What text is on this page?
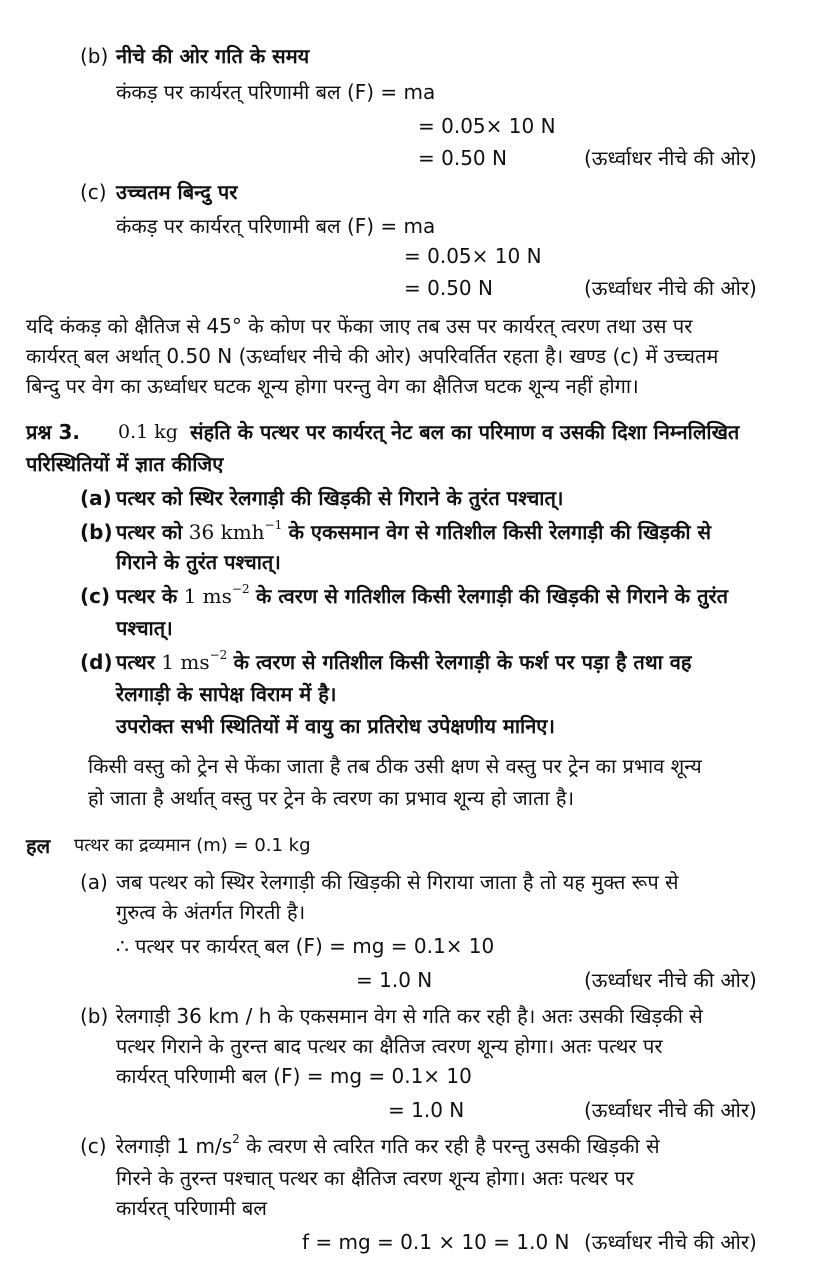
(b) नीचे की ओर गति के समय
कंकड़ पर कार्यरत् परिणामी बल (F) = ma
= 0.05× 10 N
= 0.50 N	(ऊर्ध्वाधर नीचे की ओर)
(c) उच्चतम बिन्दु पर
कंकड़ पर कार्यरत् परिणामी बल (F) = ma
= 0.05× 10 N
= 0.50 N	(ऊर्ध्वाधर नीचे की ओर)
यदि कंकड़ को क्षैतिज से 45° के कोण पर फेंका जाए तब उस पर कार्यरत् त्वरण तथा उस पर
कार्यरत् बल अर्थात् 0.50 N (ऊर्ध्वाधर नीचे की ओर) अपरिवर्तित रहता है। खण्ड (c) में उच्चतम
बिन्दु पर वेग का ऊर्ध्वाधर घटक शून्य होगा परन्तु वेग का क्षैतिज घटक शून्य नहीं होगा।
प्रश्न 3. 0.1 kg संहति के पत्थर पर कार्यरत् नेट बल का परिमाण व उसकी दिशा निम्नलिखित
परिस्थितियों में ज्ञात कीजिए
(a) पत्थर को स्थिर रेलगाड़ी की खिड़की से गिराने के तुरंत पश्चात्।
(b) पत्थर को 36 kmh$^{-1}$ के एकसमान वेग से गतिशील किसी रेलगाड़ी की खिड़की से
गिराने के तुरंत पश्चात्।
(c) पत्थर के 1 $ms^{-2}$ के त्वरण से गतिशील किसी रेलगाड़ी की खिड़की से गिराने के तुरंत
पश्चात्।
(d) पत्थर 1 $ms^{-2}$ के त्वरण से गतिशील किसी रेलगाड़ी के फर्श पर पड़ा है तथा वह
रेलगाड़ी के सापेक्ष विराम में है।
उपरोक्त सभी स्थितियों में वायु का प्रतिरोध उपेक्षणीय मानिए।
किसी वस्तु को ट्रेन से फेंका जाता है तब ठीक उसी क्षण से वस्तु पर ट्रेन का प्रभाव शून्य
हो जाता है अर्थात् वस्तु पर ट्रेन के त्वरण का प्रभाव शून्य हो जाता है।
हल पत्थर का द्रव्यमान (m) = 0.1 kg
(a) जब पत्थर को स्थिर रेलगाड़ी की खिड़की से गिराया जाता है तो यह मुक्त रूप से
गुरुत्व के अंतर्गत गिरती है।
∴ पत्थर पर कार्यरत् बल (F) = mg = 0.1× 10
= 1.0 N	(ऊर्ध्वाधर नीचे की ओर)
(b) रेलगाड़ी 36 km / h के एकसमान वेग से गति कर रही है। अतः उसकी खिड़की से
पत्थर गिराने के तुरन्त बाद पत्थर का क्षैतिज त्वरण शून्य होगा। अतः पत्थर पर
कार्यरत् परिणामी बल (F) = mg = 0.1× 10
= 1.0 N	(ऊर्ध्वाधर नीचे की ओर)
(c) रेलगाड़ी 1 $m/s^2$ के त्वरण से त्वरित गति कर रही है परन्तु उसकी खिड़की से
गिरने के तुरन्त पश्चात् पत्थर का क्षैतिज त्वरण शून्य होगा। अतः पत्थर पर
कार्यरत् परिणामी बल
f = mg = 0.1 × 10 = 1.0 N (ऊर्ध्वाधर नीचे की ओर)
